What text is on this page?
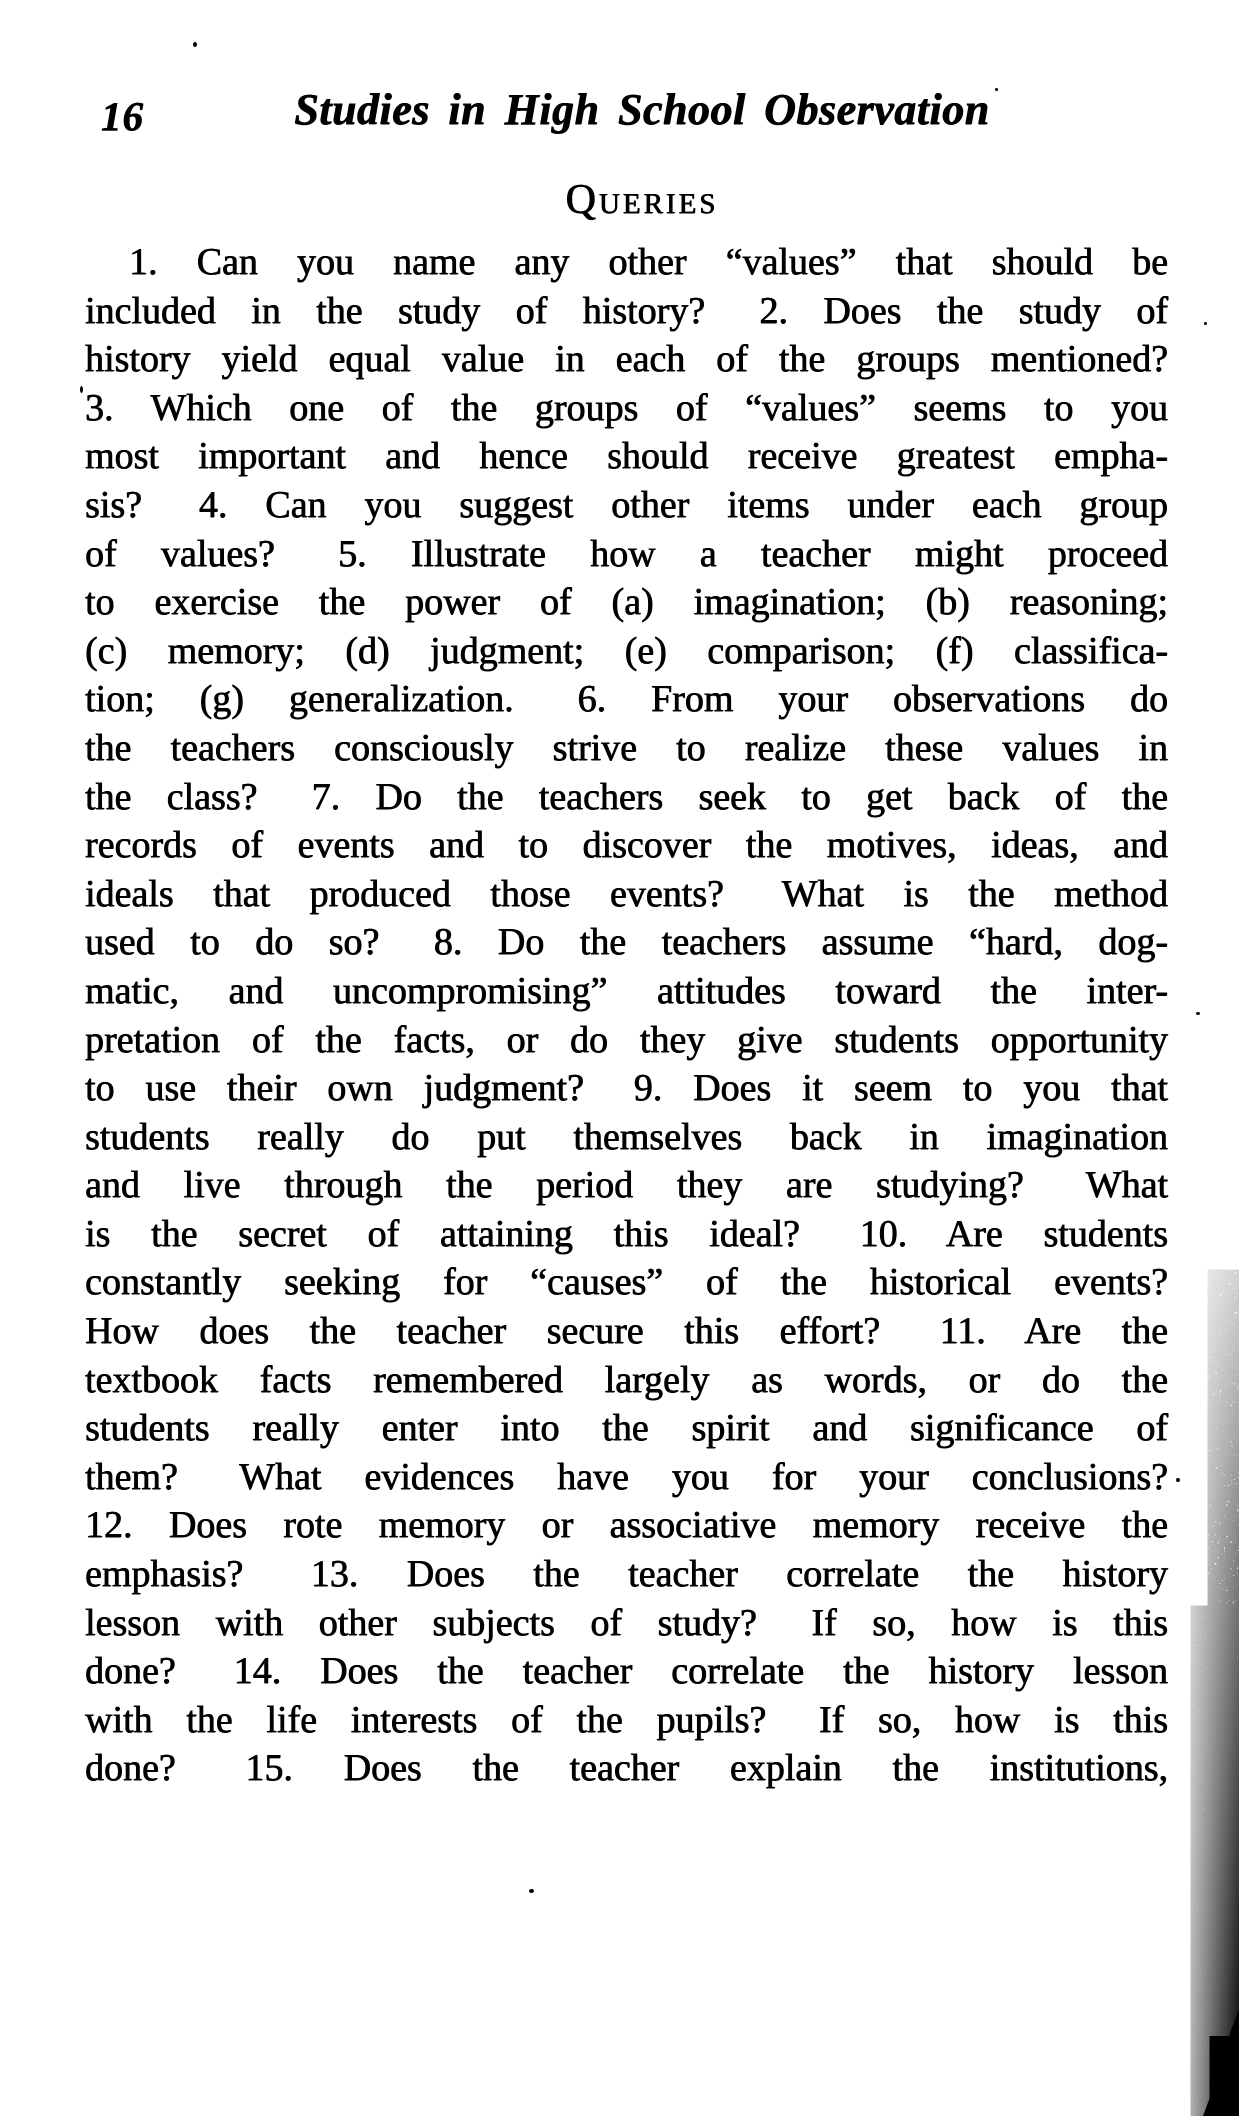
16	Studies in High School Observation
Queries
1. Can you name any other “values” that should be
included in the study of history?  2. Does the study of
history yield equal value in each of the groups mentioned?
3. Which one of the groups of “values” seems to you
most important and hence should receive greatest empha-
sis?  4. Can you suggest other items under each group
of values?  5. Illustrate how a teacher might proceed
to exercise the power of (a) imagination; (b) reasoning;
(c) memory; (d) judgment; (e) comparison; (f) classifica-
tion; (g) generalization.  6. From your observations do
the teachers consciously strive to realize these values in
the class?  7. Do the teachers seek to get back of the
records of events and to discover the motives, ideas, and
ideals that produced those events?  What is the method
used to do so?  8. Do the teachers assume “hard, dog-
matic, and uncompromising” attitudes toward the inter-
pretation of the facts, or do they give students opportunity
to use their own judgment?  9. Does it seem to you that
students really do put themselves back in imagination
and live through the period they are studying?  What
is the secret of attaining this ideal?  10. Are students
constantly seeking for “causes” of the historical events?
How does the teacher secure this effort?  11. Are the
textbook facts remembered largely as words, or do the
students really enter into the spirit and significance of
them?  What evidences have you for your conclusions?
12. Does rote memory or associative memory receive the
emphasis?  13. Does the teacher correlate the history
lesson with other subjects of study?  If so, how is this
done?  14. Does the teacher correlate the history lesson
with the life interests of the pupils?  If so, how is this
done?  15. Does the teacher explain the institutions,
